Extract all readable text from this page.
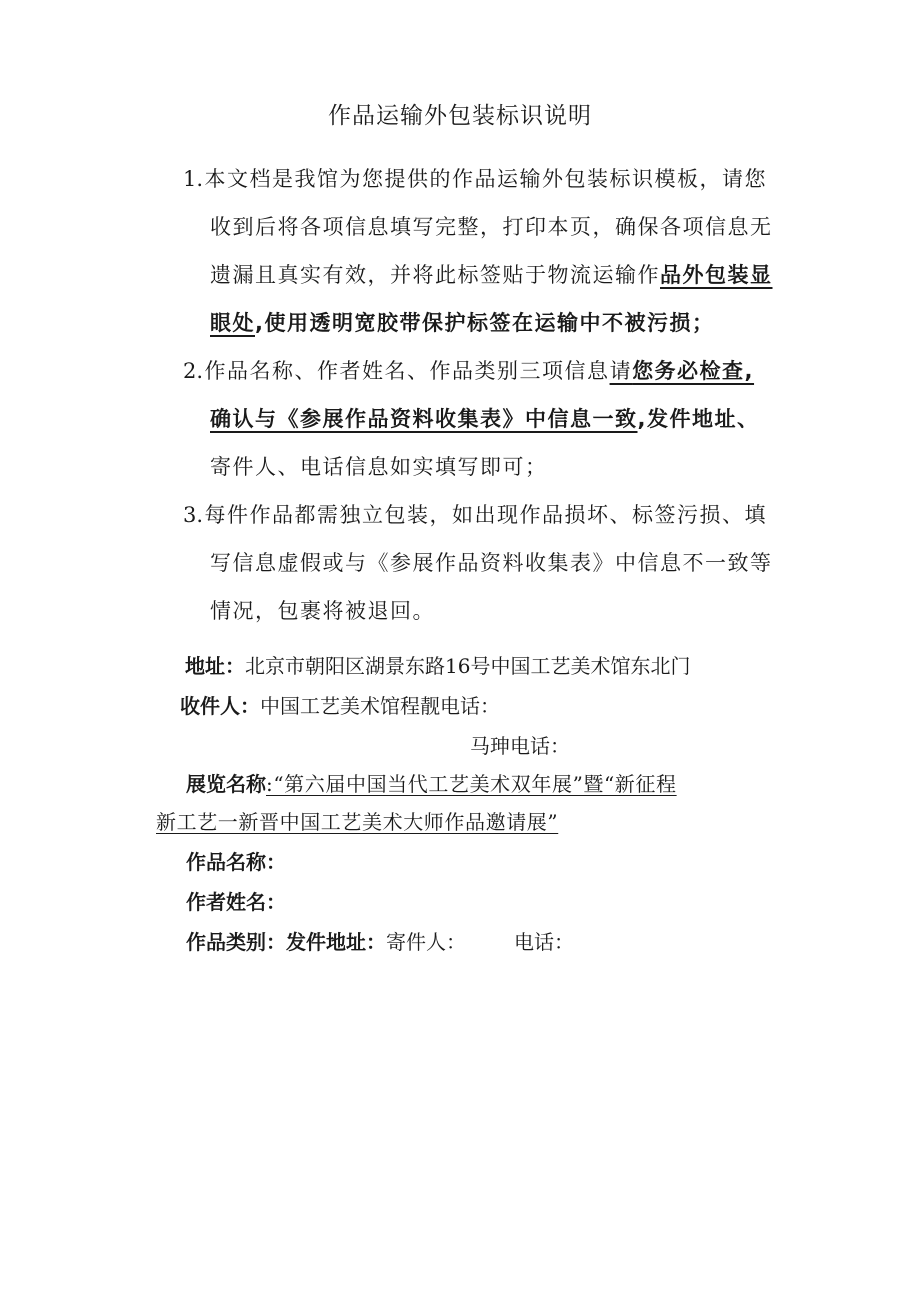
作品运输外包装标识说明
1.本文档是我馆为您提供的作品运输外包装标识模板，请您
收到后将各项信息填写完整，打印本页，确保各项信息无
遗漏且真实有效，并将此标签贴于物流运输作品外包装显
眼处,使用透明宽胶带保护标签在运输中不被污损；
2.作品名称、作者姓名、作品类别三项信息请您务必检查,
确认与《参展作品资料收集表》中信息一致,发件地址、
寄件人、电话信息如实填写即可；
3.每件作品都需独立包装，如出现作品损坏、标签污损、填
写信息虚假或与《参展作品资料收集表》中信息不一致等
情况，包裹将被退回。
地址：北京市朝阳区湖景东路16号中国工艺美术馆东北门
收件人：中国工艺美术馆程靓电话：
马珅电话：
展览名称:“第六届中国当代工艺美术双年展”暨“新征程
新工艺一新晋中国工艺美术大师作品邀请展”
作品名称：
作者姓名：
作品类别：发件地址：寄件人： 电话：
